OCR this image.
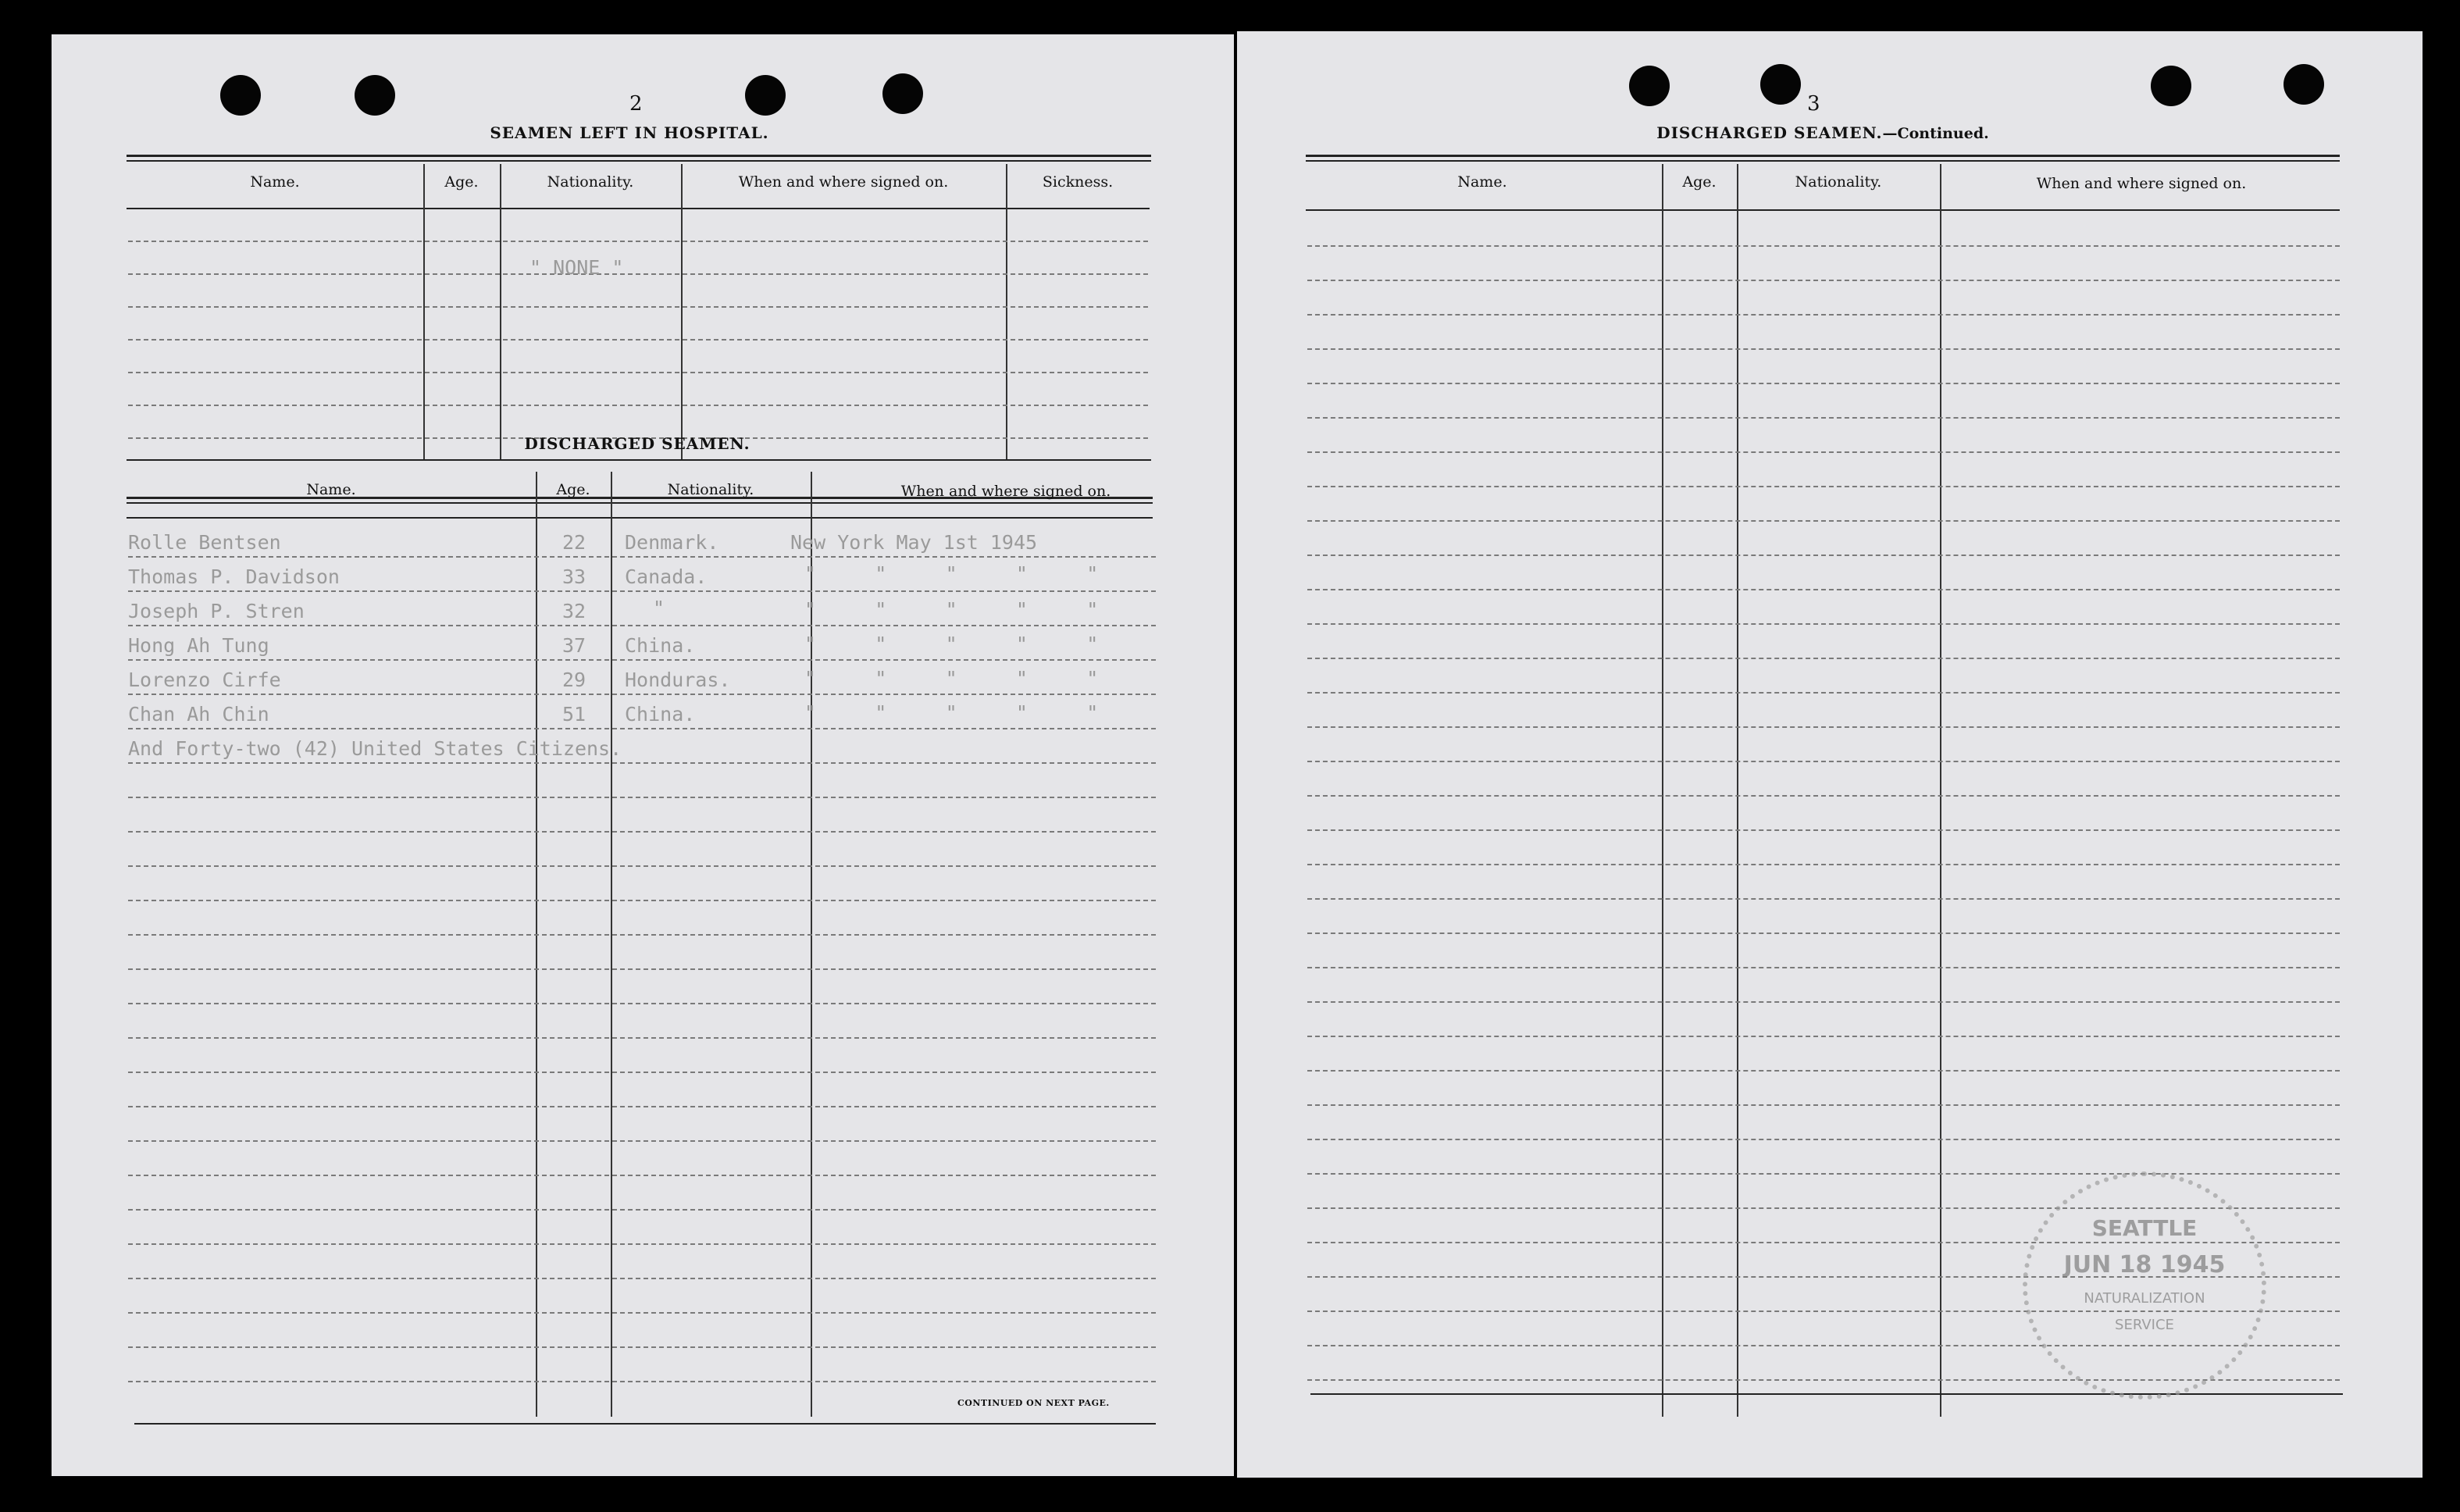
2
SEAMEN LEFT IN HOSPITAL.
Name.	Age.	Nationality.	When and where signed on.	Sickness.
" NONE "
DISCHARGED SEAMEN.
Name.	Age.	Nationality.	When and where signed on.
Rolle Bentsen	22 Denmark.	New York May 1st 1945
Thomas P. Davidson	33 Canada.	"     "     "     "     "
Joseph P. Stren	32	"	"     "     "     "     "
Hong Ah Tung	37 China.	"     "     "     "     "
Lorenzo Cirfe	29 Honduras.	"     "     "     "     "
Chan Ah Chin	51 China.	"     "     "     "     "
And Forty-two (42) United States Citizens.
CONTINUED ON NEXT PAGE.
3
DISCHARGED SEAMEN.—Continued.
Name.	Age.	Nationality.	When and where signed on.
SEATTLE
JUN 18 1945
NATURALIZATION
SERVICE
